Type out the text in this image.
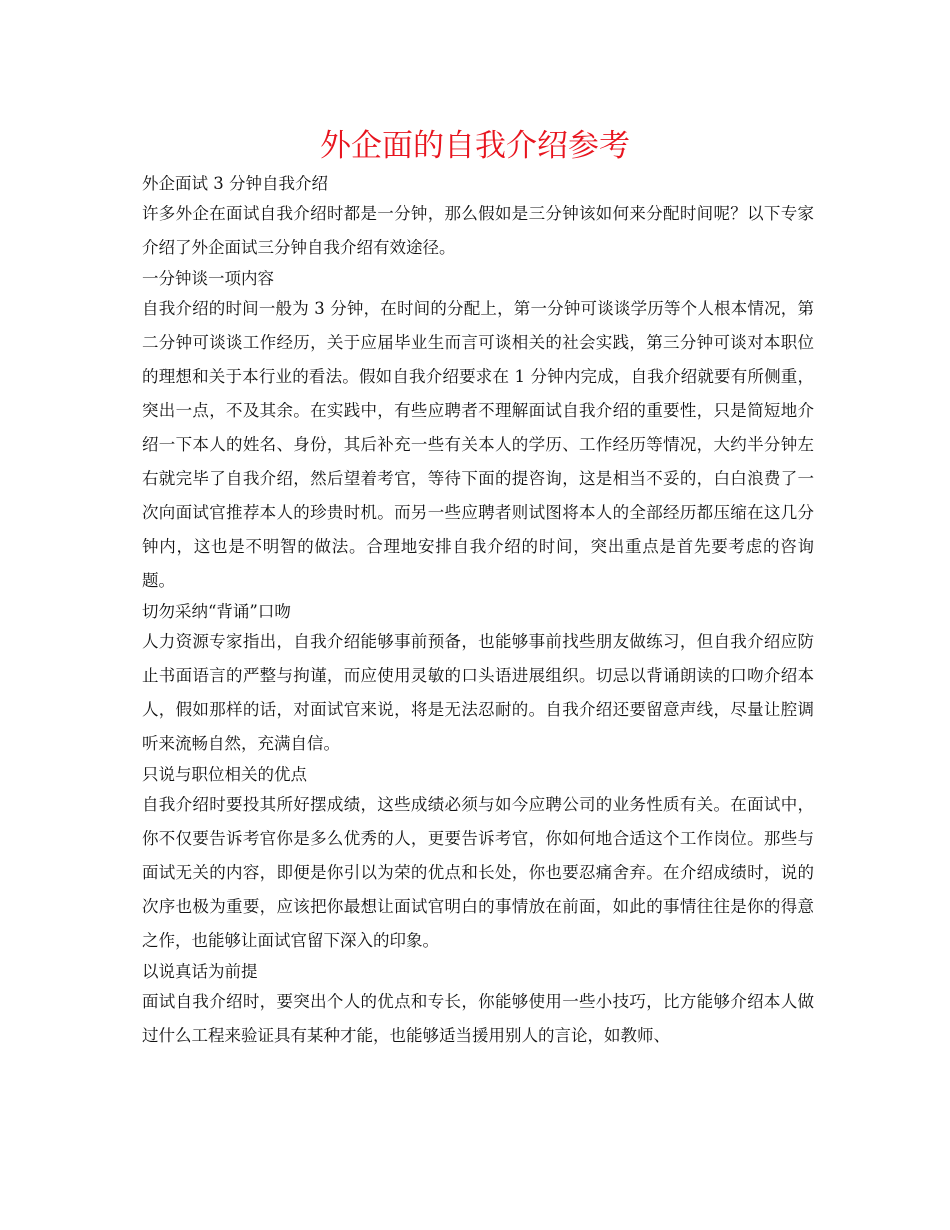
外企面的自我介绍参考
外企面试 3 分钟自我介绍

许多外企在面试自我介绍时都是一分钟，那么假如是三分钟该如何来分配时间呢？以下专家介绍了外企面试三分钟自我介绍有效途径。

一分钟谈一项内容

自我介绍的时间一般为 3 分钟，在时间的分配上，第一分钟可谈谈学历等个人根本情况，第二分钟可谈谈工作经历，关于应届毕业生而言可谈相关的社会实践，第三分钟可谈对本职位的理想和关于本行业的看法。假如自我介绍要求在 1 分钟内完成，自我介绍就要有所侧重，突出一点，不及其余。在实践中，有些应聘者不理解面试自我介绍的重要性，只是简短地介绍一下本人的姓名、身份，其后补充一些有关本人的学历、工作经历等情况，大约半分钟左右就完毕了自我介绍，然后望着考官，等待下面的提咨询，这是相当不妥的，白白浪费了一次向面试官推荐本人的珍贵时机。而另一些应聘者则试图将本人的全部经历都压缩在这几分钟内，这也是不明智的做法。合理地安排自我介绍的时间，突出重点是首先要考虑的咨询题。

切勿采纳“背诵”口吻

人力资源专家指出，自我介绍能够事前预备，也能够事前找些朋友做练习，但自我介绍应防止书面语言的严整与拘谨，而应使用灵敏的口头语进展组织。切忌以背诵朗读的口吻介绍本人，假如那样的话，对面试官来说，将是无法忍耐的。自我介绍还要留意声线，尽量让腔调听来流畅自然，充满自信。

只说与职位相关的优点

自我介绍时要投其所好摆成绩，这些成绩必须与如今应聘公司的业务性质有关。在面试中，你不仅要告诉考官你是多么优秀的人，更要告诉考官，你如何地合适这个工作岗位。那些与面试无关的内容，即便是你引以为荣的优点和长处，你也要忍痛舍弃。在介绍成绩时，说的次序也极为重要，应该把你最想让面试官明白的事情放在前面，如此的事情往往是你的得意之作，也能够让面试官留下深入的印象。

以说真话为前提

面试自我介绍时，要突出个人的优点和专长，你能够使用一些小技巧，比方能够介绍本人做过什么工程来验证具有某种才能，也能够适当援用别人的言论，如教师、
